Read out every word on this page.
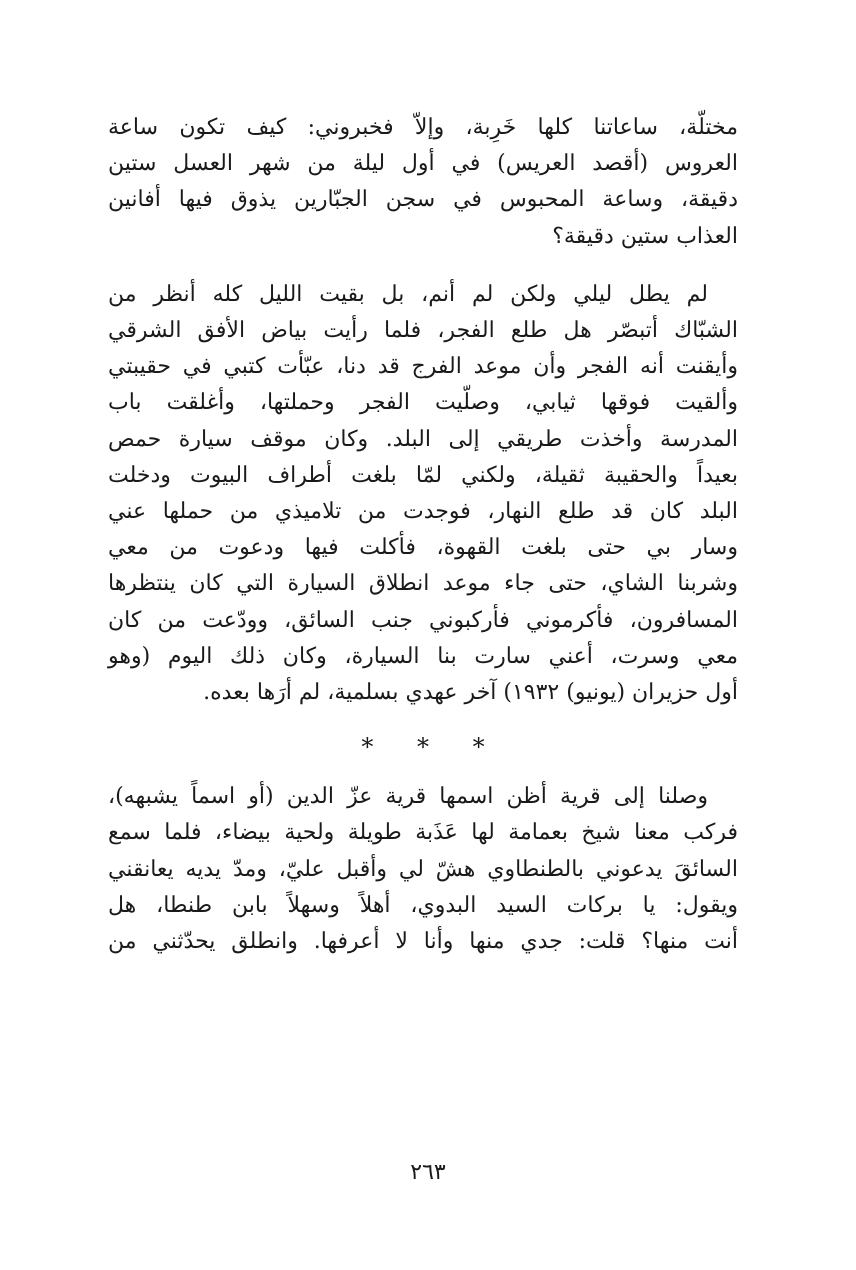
مختلّة، ساعاتنا كلها خَرِبة، وإلاّ فخبروني: كيف تكون ساعة
العروس (أقصد العريس) في أول ليلة من شهر العسل ستين
دقيقة، وساعة المحبوس في سجن الجبّارين يذوق فيها أفانين
العذاب ستين دقيقة؟

لم يطل ليلي ولكن لم أنم، بل بقيت الليل كله أنظر من
الشبّاك أتبصّر هل طلع الفجر، فلما رأيت بياض الأفق الشرقي
وأيقنت أنه الفجر وأن موعد الفرج قد دنا، عبّأت كتبي في حقيبتي
وألقيت فوقها ثيابي، وصلّيت الفجر وحملتها، وأغلقت باب
المدرسة وأخذت طريقي إلى البلد. وكان موقف سيارة حمص
بعيداً والحقيبة ثقيلة، ولكني لمّا بلغت أطراف البيوت ودخلت
البلد كان قد طلع النهار، فوجدت من تلاميذي من حملها عني
وسار بي حتى بلغت القهوة، فأكلت فيها ودعوت من معي
وشربنا الشاي، حتى جاء موعد انطلاق السيارة التي كان ينتظرها
المسافرون، فأكرموني فأركبوني جنب السائق، وودّعت من كان
معي وسرت، أعني سارت بنا السيارة، وكان ذلك اليوم (وهو
أول حزيران (يونيو) ١٩٣٢) آخر عهدي بسلمية، لم أرَها بعده.

* * *

وصلنا إلى قرية أظن اسمها قرية عزّ الدين (أو اسماً يشبهه)،
فركب معنا شيخ بعمامة لها عَذَبة طويلة ولحية بيضاء، فلما سمع
السائقَ يدعوني بالطنطاوي هشّ لي وأقبل عليّ، ومدّ يديه يعانقني
ويقول: يا بركات السيد البدوي، أهلاً وسهلاً بابن طنطا، هل
أنت منها؟ قلت: جدي منها وأنا لا أعرفها. وانطلق يحدّثني من

٢٦٣
